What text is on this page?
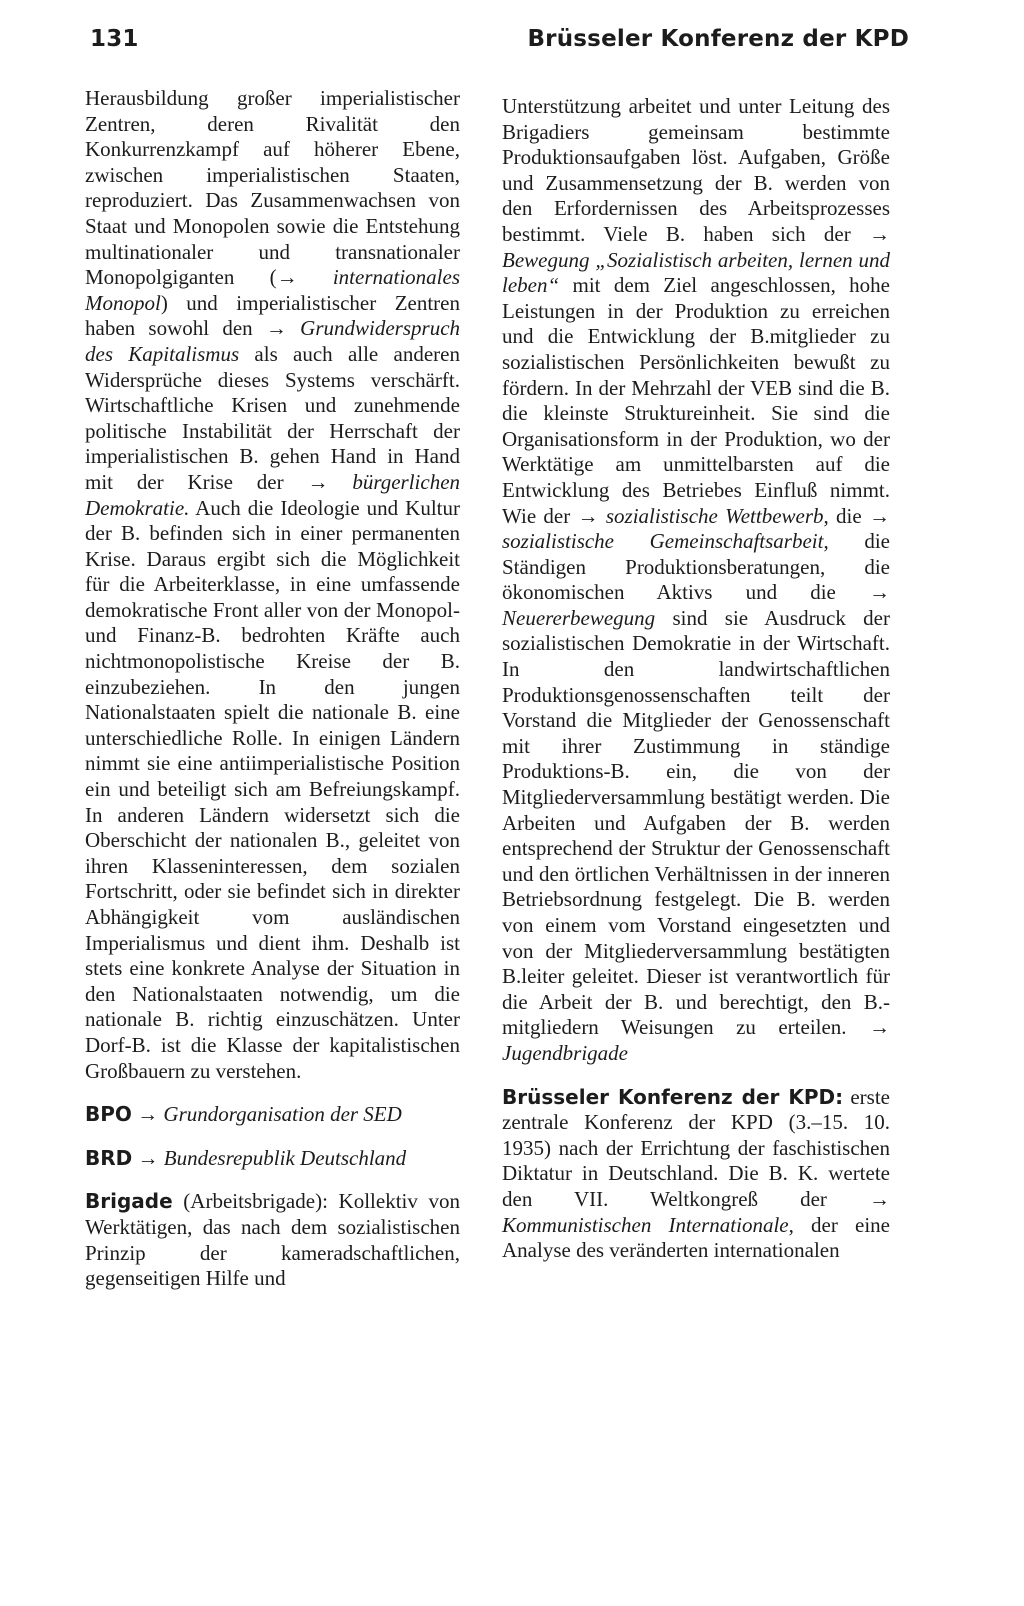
131	Brüsseler Konferenz der KPD

Herausbildung großer imperialistischer Zentren, deren Rivalität den Konkurrenzkampf auf höherer Ebene, zwischen imperialistischen Staaten, reproduziert. Das Zusammenwachsen von Staat und Monopolen sowie die Entstehung multinationaler und transnationaler Monopolgiganten (→ internationales Monopol) und imperialistischer Zentren haben sowohl den → Grundwiderspruch des Kapitalismus als auch alle anderen Widersprüche dieses Systems verschärft. Wirtschaftliche Krisen und zunehmende politische Instabilität der Herrschaft der imperialistischen B. gehen Hand in Hand mit der Krise der → bürgerlichen Demokratie. Auch die Ideologie und Kultur der B. befinden sich in einer permanenten Krise. Daraus ergibt sich die Möglichkeit für die Arbeiterklasse, in eine umfassende demokratische Front aller von der Monopol- und Finanz-B. bedrohten Kräfte auch nichtmonopolistische Kreise der B. einzubeziehen. In den jungen Nationalstaaten spielt die nationale B. eine unterschiedliche Rolle. In einigen Ländern nimmt sie eine antiimperialistische Position ein und beteiligt sich am Befreiungskampf. In anderen Ländern widersetzt sich die Oberschicht der nationalen B., geleitet von ihren Klasseninteressen, dem sozialen Fortschritt, oder sie befindet sich in direkter Abhängigkeit vom ausländischen Imperialismus und dient ihm. Deshalb ist stets eine konkrete Analyse der Situation in den Nationalstaaten notwendig, um die nationale B. richtig einzuschätzen. Unter Dorf-B. ist die Klasse der kapitalistischen Großbauern zu verstehen.

BPO → Grundorganisation der SED

BRD → Bundesrepublik Deutschland

Brigade (Arbeitsbrigade): Kollektiv von Werktätigen, das nach dem sozialistischen Prinzip der kameradschaftlichen, gegenseitigen Hilfe und

Unterstützung arbeitet und unter Leitung des Brigadiers gemeinsam bestimmte Produktionsaufgaben löst. Aufgaben, Größe und Zusammensetzung der B. werden von den Erfordernissen des Arbeitsprozesses bestimmt. Viele B. haben sich der → Bewegung „Sozialistisch arbeiten, lernen und leben“ mit dem Ziel angeschlossen, hohe Leistungen in der Produktion zu erreichen und die Entwicklung der B.mitglieder zu sozialistischen Persönlichkeiten bewußt zu fördern. In der Mehrzahl der VEB sind die B. die kleinste Struktureinheit. Sie sind die Organisationsform in der Produktion, wo der Werktätige am unmittelbarsten auf die Entwicklung des Betriebes Einfluß nimmt. Wie der → sozialistische Wettbewerb, die → sozialistische Gemeinschaftsarbeit, die Ständigen Produktionsberatungen, die ökonomischen Aktivs und die → Neuererbewegung sind sie Ausdruck der sozialistischen Demokratie in der Wirtschaft. In den landwirtschaftlichen Produktionsgenossenschaften teilt der Vorstand die Mitglieder der Genossenschaft mit ihrer Zustimmung in ständige Produktions-B. ein, die von der Mitgliederversammlung bestätigt werden. Die Arbeiten und Aufgaben der B. werden entsprechend der Struktur der Genossenschaft und den örtlichen Verhältnissen in der inneren Betriebsordnung festgelegt. Die B. werden von einem vom Vorstand eingesetzten und von der Mitgliederversammlung bestätigten B.leiter geleitet. Dieser ist verantwortlich für die Arbeit der B. und berechtigt, den B.-mitgliedern Weisungen zu erteilen. → Jugendbrigade

Brüsseler Konferenz der KPD: erste zentrale Konferenz der KPD (3.–15. 10. 1935) nach der Errichtung der faschistischen Diktatur in Deutschland. Die B. K. wertete den VII. Weltkongreß der → Kommunistischen Internationale, der eine Analyse des veränderten internationalen
